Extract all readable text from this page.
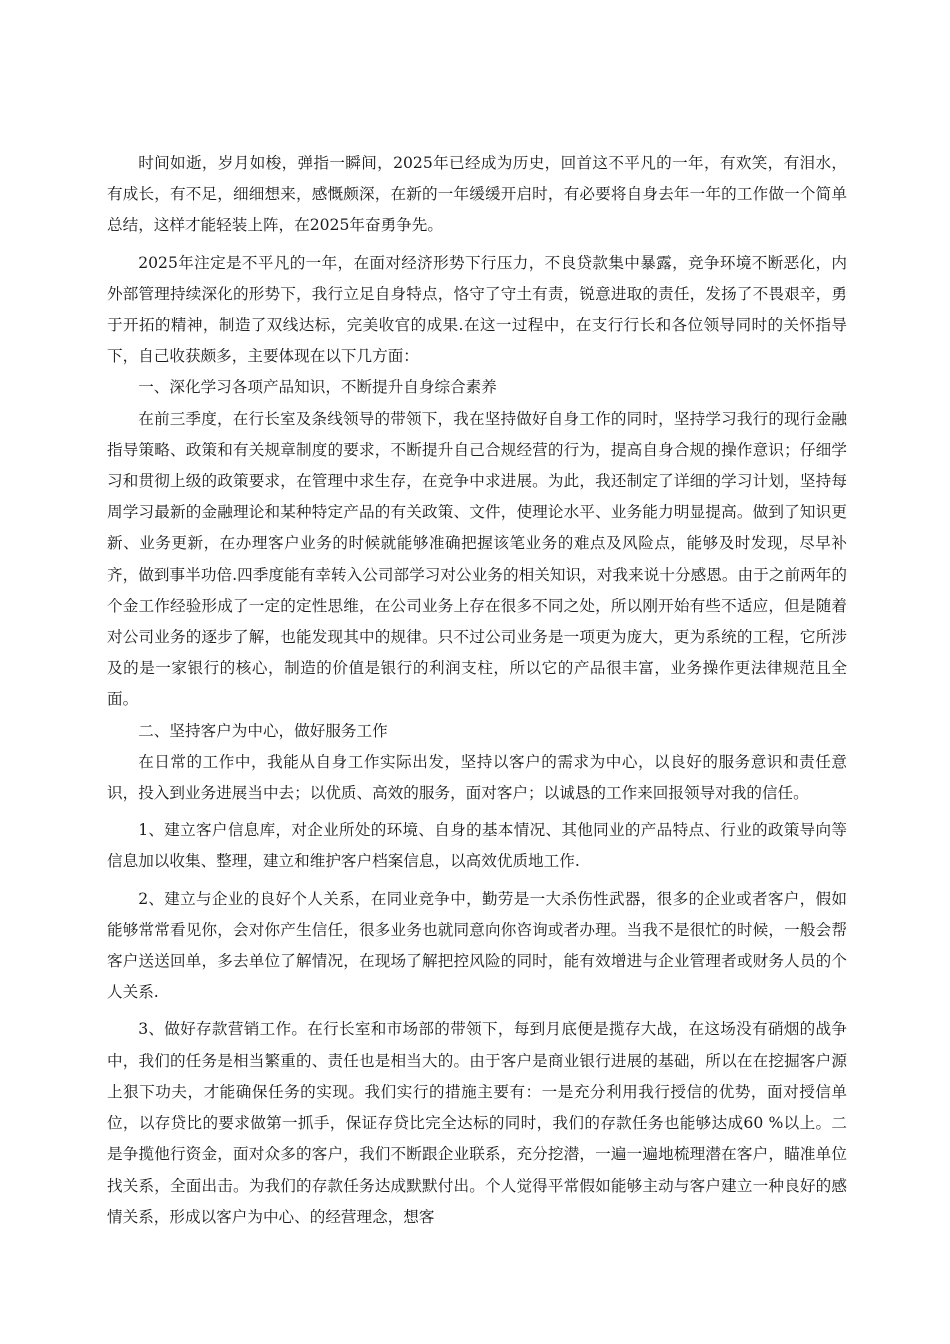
时间如逝，岁月如梭，弹指一瞬间，2025年已经成为历史，回首这不平凡的一年，有欢笑，有泪水，有成长，有不足，细细想来，感慨颇深，在新的一年缓缓开启时，有必要将自身去年一年的工作做一个简单总结，这样才能轻装上阵，在2025年奋勇争先。

2025年注定是不平凡的一年，在面对经济形势下行压力，不良贷款集中暴露，竞争环境不断恶化，内外部管理持续深化的形势下，我行立足自身特点，恪守了守土有责，锐意进取的责任，发扬了不畏艰辛，勇于开拓的精神，制造了双线达标，完美收官的成果.在这一过程中，在支行行长和各位领导同时的关怀指导下，自己收获颇多，主要体现在以下几方面：

一、深化学习各项产品知识，不断提升自身综合素养

在前三季度，在行长室及条线领导的带领下，我在坚持做好自身工作的同时，坚持学习我行的现行金融指导策略、政策和有关规章制度的要求，不断提升自己合规经营的行为，提高自身合规的操作意识；仔细学习和贯彻上级的政策要求，在管理中求生存，在竞争中求进展。为此，我还制定了详细的学习计划，坚持每周学习最新的金融理论和某种特定产品的有关政策、文件，使理论水平、业务能力明显提高。做到了知识更新、业务更新，在办理客户业务的时候就能够准确把握该笔业务的难点及风险点，能够及时发现，尽早补齐，做到事半功倍.四季度能有幸转入公司部学习对公业务的相关知识，对我来说十分感恩。由于之前两年的个金工作经验形成了一定的定性思维，在公司业务上存在很多不同之处，所以刚开始有些不适应，但是随着对公司业务的逐步了解，也能发现其中的规律。只不过公司业务是一项更为庞大，更为系统的工程，它所涉及的是一家银行的核心，制造的价值是银行的利润支柱，所以它的产品很丰富，业务操作更法律规范且全面。

二、坚持客户为中心，做好服务工作

在日常的工作中，我能从自身工作实际出发，坚持以客户的需求为中心，以良好的服务意识和责任意识，投入到业务进展当中去；以优质、高效的服务，面对客户；以诚恳的工作来回报领导对我的信任。

1、建立客户信息库，对企业所处的环境、自身的基本情况、其他同业的产品特点、行业的政策导向等信息加以收集、整理，建立和维护客户档案信息，以高效优质地工作.

2、建立与企业的良好个人关系，在同业竞争中，勤劳是一大杀伤性武器，很多的企业或者客户，假如能够常常看见你，会对你产生信任，很多业务也就同意向你咨询或者办理。当我不是很忙的时候，一般会帮客户送送回单，多去单位了解情况，在现场了解把控风险的同时，能有效增进与企业管理者或财务人员的个人关系.

3、做好存款营销工作。在行长室和市场部的带领下，每到月底便是揽存大战，在这场没有硝烟的战争中，我们的任务是相当繁重的、责任也是相当大的。由于客户是商业银行进展的基础，所以在在挖掘客户源上狠下功夫，才能确保任务的实现。我们实行的措施主要有：一是充分利用我行授信的优势，面对授信单位，以存贷比的要求做第一抓手，保证存贷比完全达标的同时，我们的存款任务也能够达成60 %以上。二是争揽他行资金，面对众多的客户，我们不断跟企业联系，充分挖潜，一遍一遍地梳理潜在客户，瞄准单位找关系，全面出击。为我们的存款任务达成默默付出。个人觉得平常假如能够主动与客户建立一种良好的感情关系，形成以客户为中心、的经营理念，想客
